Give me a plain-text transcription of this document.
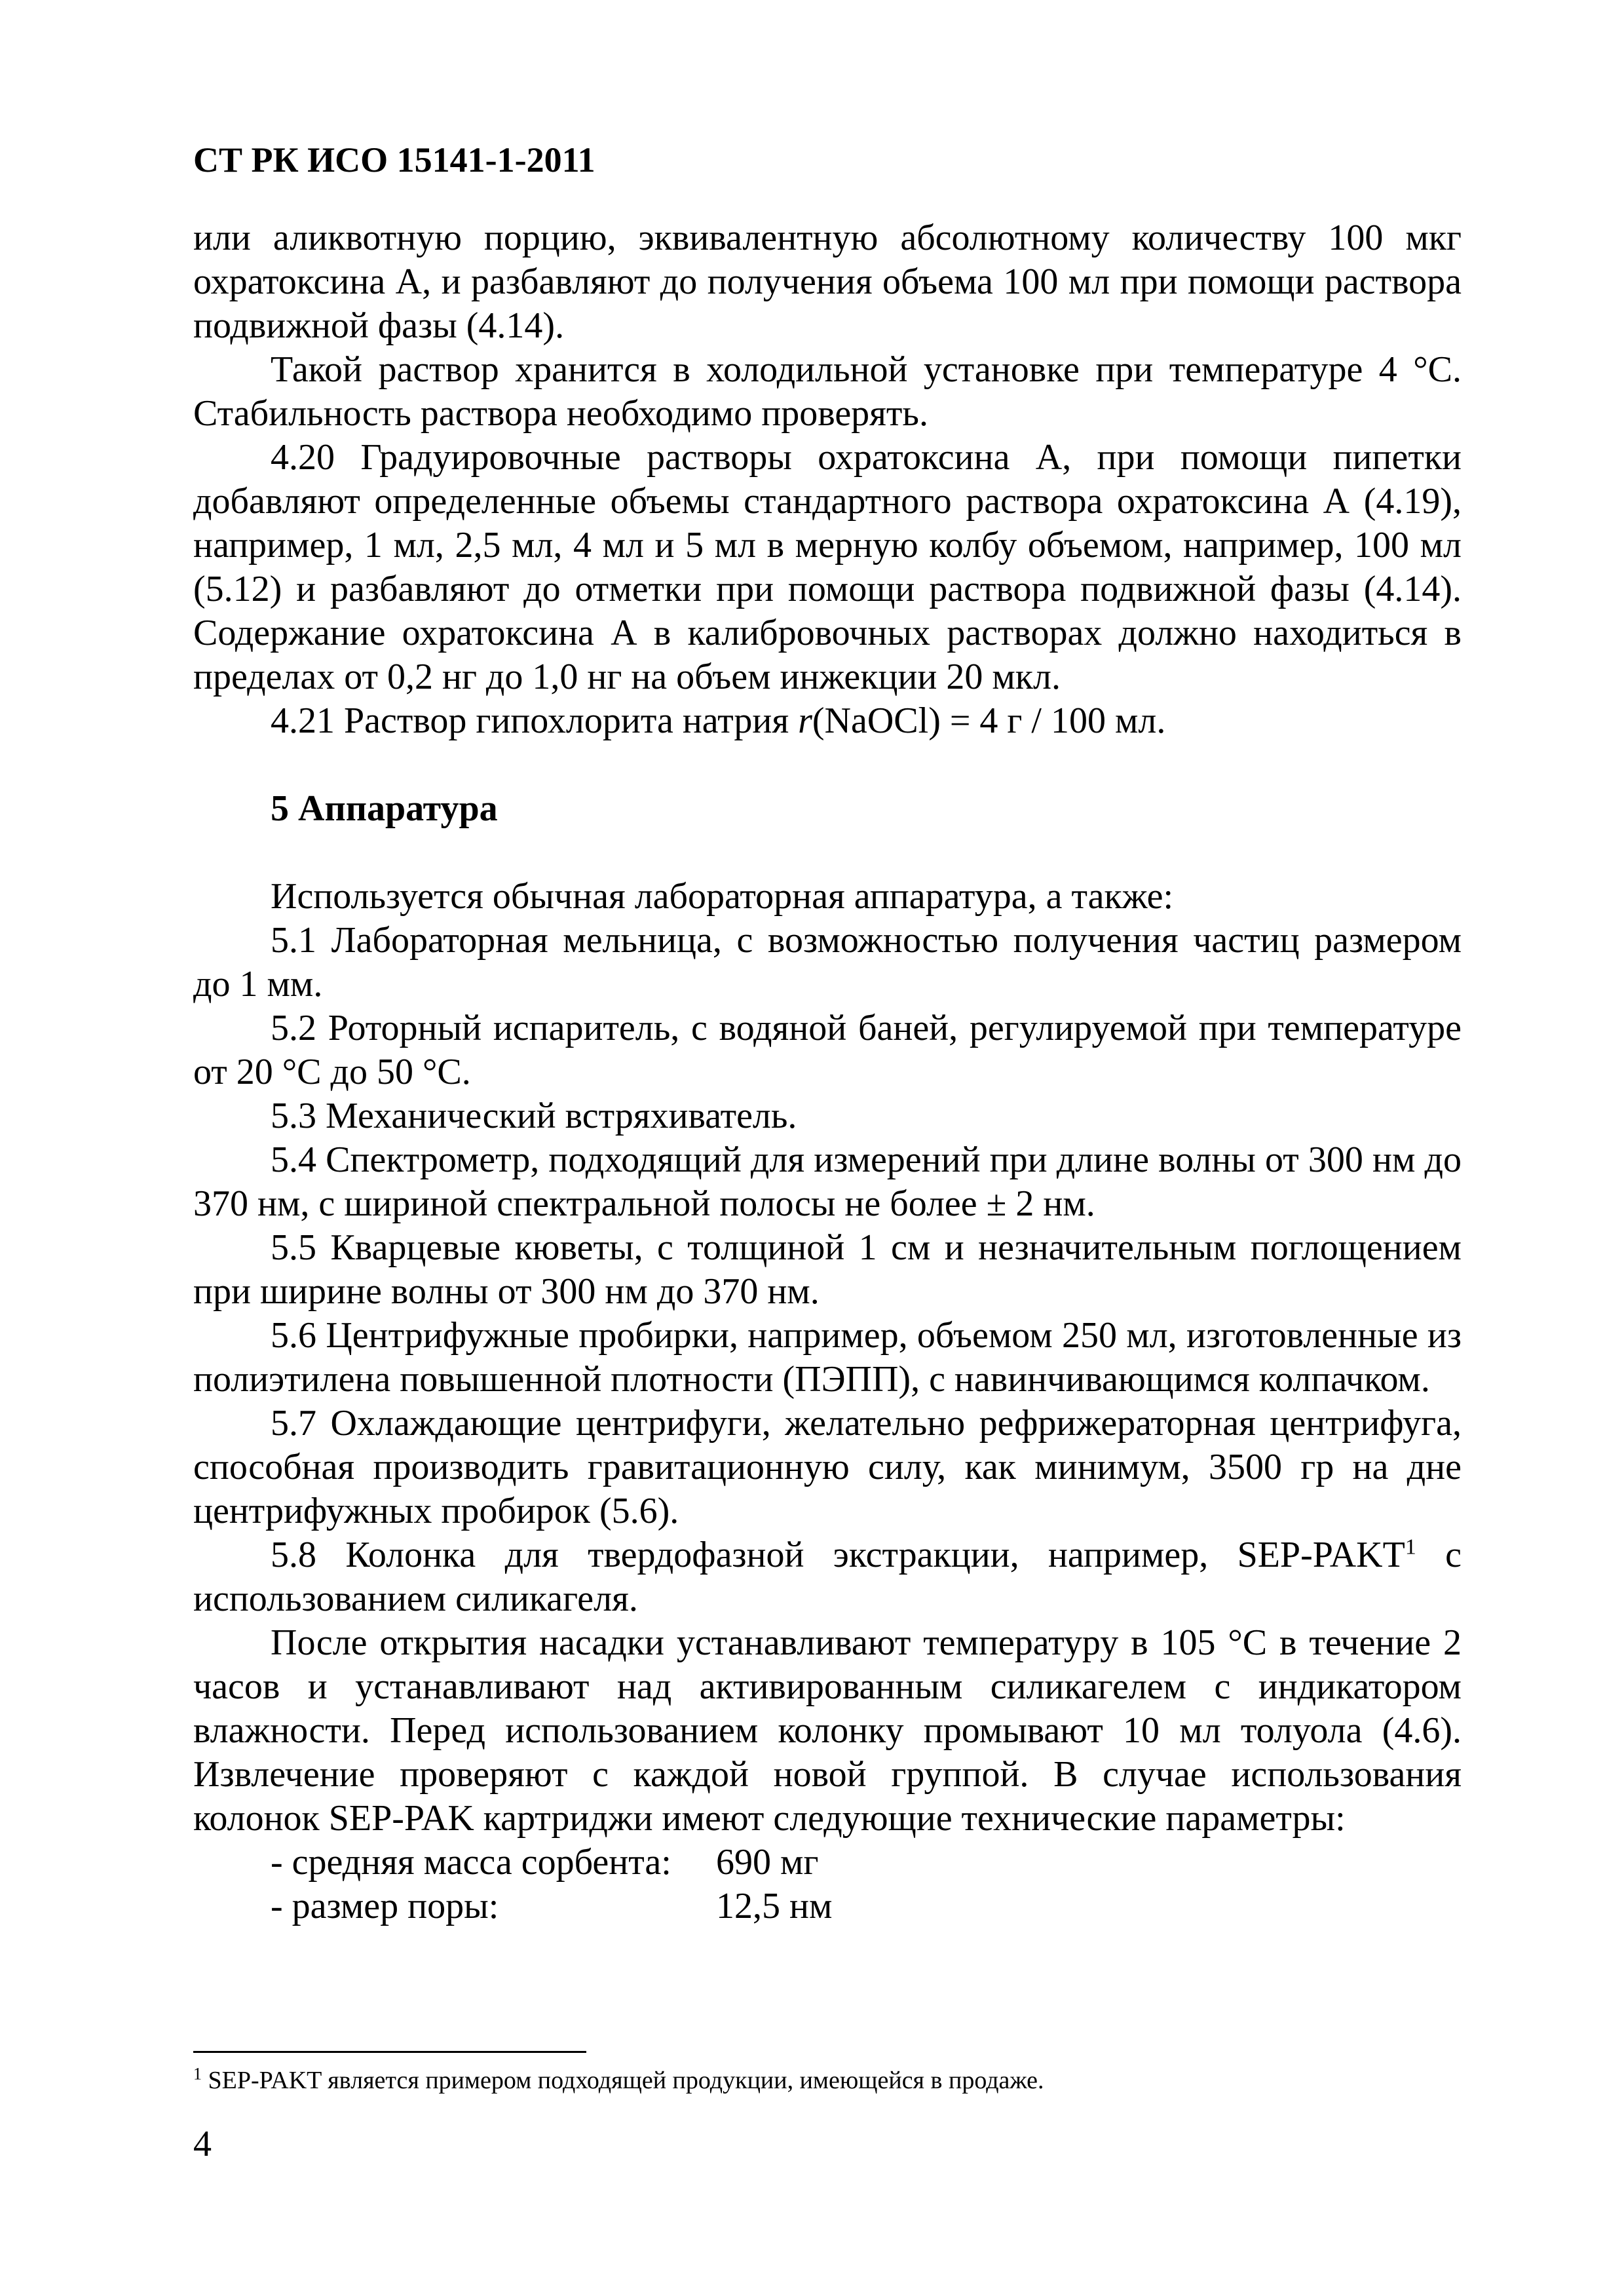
СТ РК ИСО 15141-1-2011

или аликвотную порцию, эквивалентную абсолютному количеству 100 мкг охратоксина А, и разбавляют до получения объема 100 мл при помощи раствора подвижной фазы (4.14).

Такой раствор хранится в холодильной установке при температуре 4 °С. Стабильность раствора необходимо проверять.

4.20 Градуировочные растворы охратоксина А, при помощи пипетки добавляют определенные объемы стандартного раствора охратоксина А (4.19), например, 1 мл, 2,5 мл, 4 мл и 5 мл в мерную колбу объемом, например, 100 мл (5.12) и разбавляют до отметки при помощи раствора подвижной фазы (4.14). Содержание охратоксина А в калибровочных растворах должно находиться в пределах от 0,2 нг до 1,0 нг на объем инжекции 20 мкл.

4.21 Раствор гипохлорита натрия r(NaOCl) = 4 г / 100 мл.

5 Аппаратура

Используется обычная лабораторная аппаратура, а также:

5.1 Лабораторная мельница, с возможностью получения частиц размером до 1 мм.

5.2 Роторный испаритель, с водяной баней, регулируемой при температуре от 20 °С до 50 °С.

5.3 Механический встряхиватель.

5.4 Спектрометр, подходящий для измерений при длине волны от 300 нм до 370 нм, с шириной спектральной полосы не более ± 2 нм.

5.5 Кварцевые кюветы, с толщиной 1 см и незначительным поглощением при ширине волны от 300 нм до 370 нм.

5.6 Центрифужные пробирки, например, объемом 250 мл, изготовленные из полиэтилена повышенной плотности (ПЭПП), с навинчивающимся колпачком.

5.7 Охлаждающие центрифуги, желательно рефрижераторная центрифуга, способная производить гравитационную силу, как минимум, 3500 гр на дне центрифужных пробирок (5.6).

5.8 Колонка для твердофазной экстракции, например, SEP-PAKT$^1$ с использованием силикагеля.

После открытия насадки устанавливают температуру в 105 °С в течение 2 часов и устанавливают над активированным силикагелем с индикатором влажности. Перед использованием колонку промывают 10 мл толуола (4.6). Извлечение проверяют с каждой новой группой. В случае использования колонок SEP-PAK картриджи имеют следующие технические параметры:

- средняя масса сорбента:	690 мг
- размер поры:	12,5 нм
$^1$ SEP-PAKT является примером подходящей продукции, имеющейся в продаже.
4
